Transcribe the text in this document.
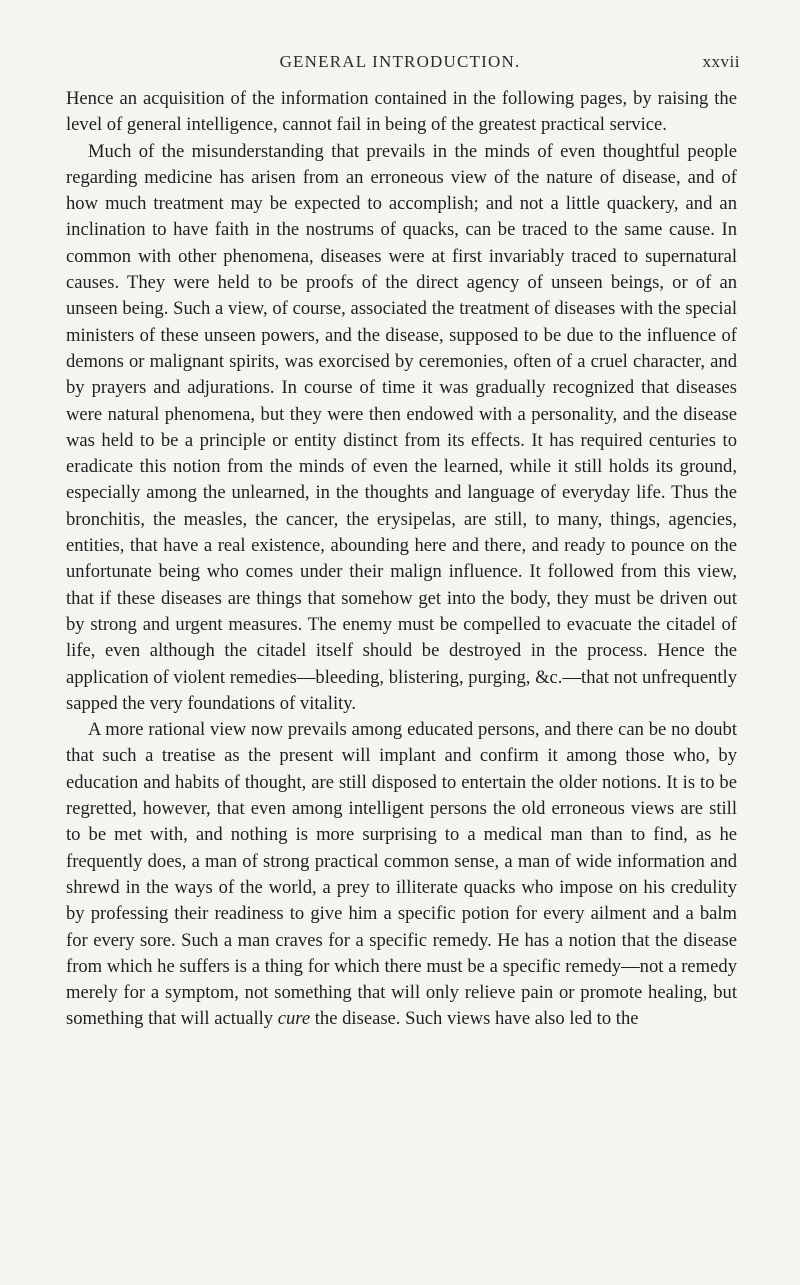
GENERAL INTRODUCTION.	xxvii

Hence an acquisition of the information contained in the following pages, by raising the level of general intelligence, cannot fail in being of the greatest practical service.

Much of the misunderstanding that prevails in the minds of even thoughtful people regarding medicine has arisen from an erroneous view of the nature of disease, and of how much treatment may be expected to accomplish; and not a little quackery, and an inclination to have faith in the nostrums of quacks, can be traced to the same cause. In common with other phenomena, diseases were at first invariably traced to supernatural causes. They were held to be proofs of the direct agency of unseen beings, or of an unseen being. Such a view, of course, associated the treatment of diseases with the special ministers of these unseen powers, and the disease, supposed to be due to the influence of demons or malignant spirits, was exorcised by ceremonies, often of a cruel character, and by prayers and adjurations. In course of time it was gradually recognized that diseases were natural phenomena, but they were then endowed with a personality, and the disease was held to be a principle or entity distinct from its effects. It has required centuries to eradicate this notion from the minds of even the learned, while it still holds its ground, especially among the unlearned, in the thoughts and language of everyday life. Thus the bronchitis, the measles, the cancer, the erysipelas, are still, to many, things, agencies, entities, that have a real existence, abounding here and there, and ready to pounce on the unfortunate being who comes under their malign influence. It followed from this view, that if these diseases are things that somehow get into the body, they must be driven out by strong and urgent measures. The enemy must be compelled to evacuate the citadel of life, even although the citadel itself should be destroyed in the process. Hence the application of violent remedies—bleeding, blistering, purging, &c.—that not unfrequently sapped the very foundations of vitality.

A more rational view now prevails among educated persons, and there can be no doubt that such a treatise as the present will implant and confirm it among those who, by education and habits of thought, are still disposed to entertain the older notions. It is to be regretted, however, that even among intelligent persons the old erroneous views are still to be met with, and nothing is more surprising to a medical man than to find, as he frequently does, a man of strong practical common sense, a man of wide information and shrewd in the ways of the world, a prey to illiterate quacks who impose on his credulity by professing their readiness to give him a specific potion for every ailment and a balm for every sore. Such a man craves for a specific remedy. He has a notion that the disease from which he suffers is a thing for which there must be a specific remedy—not a remedy merely for a symptom, not something that will only relieve pain or promote healing, but something that will actually cure the disease. Such views have also led to the
